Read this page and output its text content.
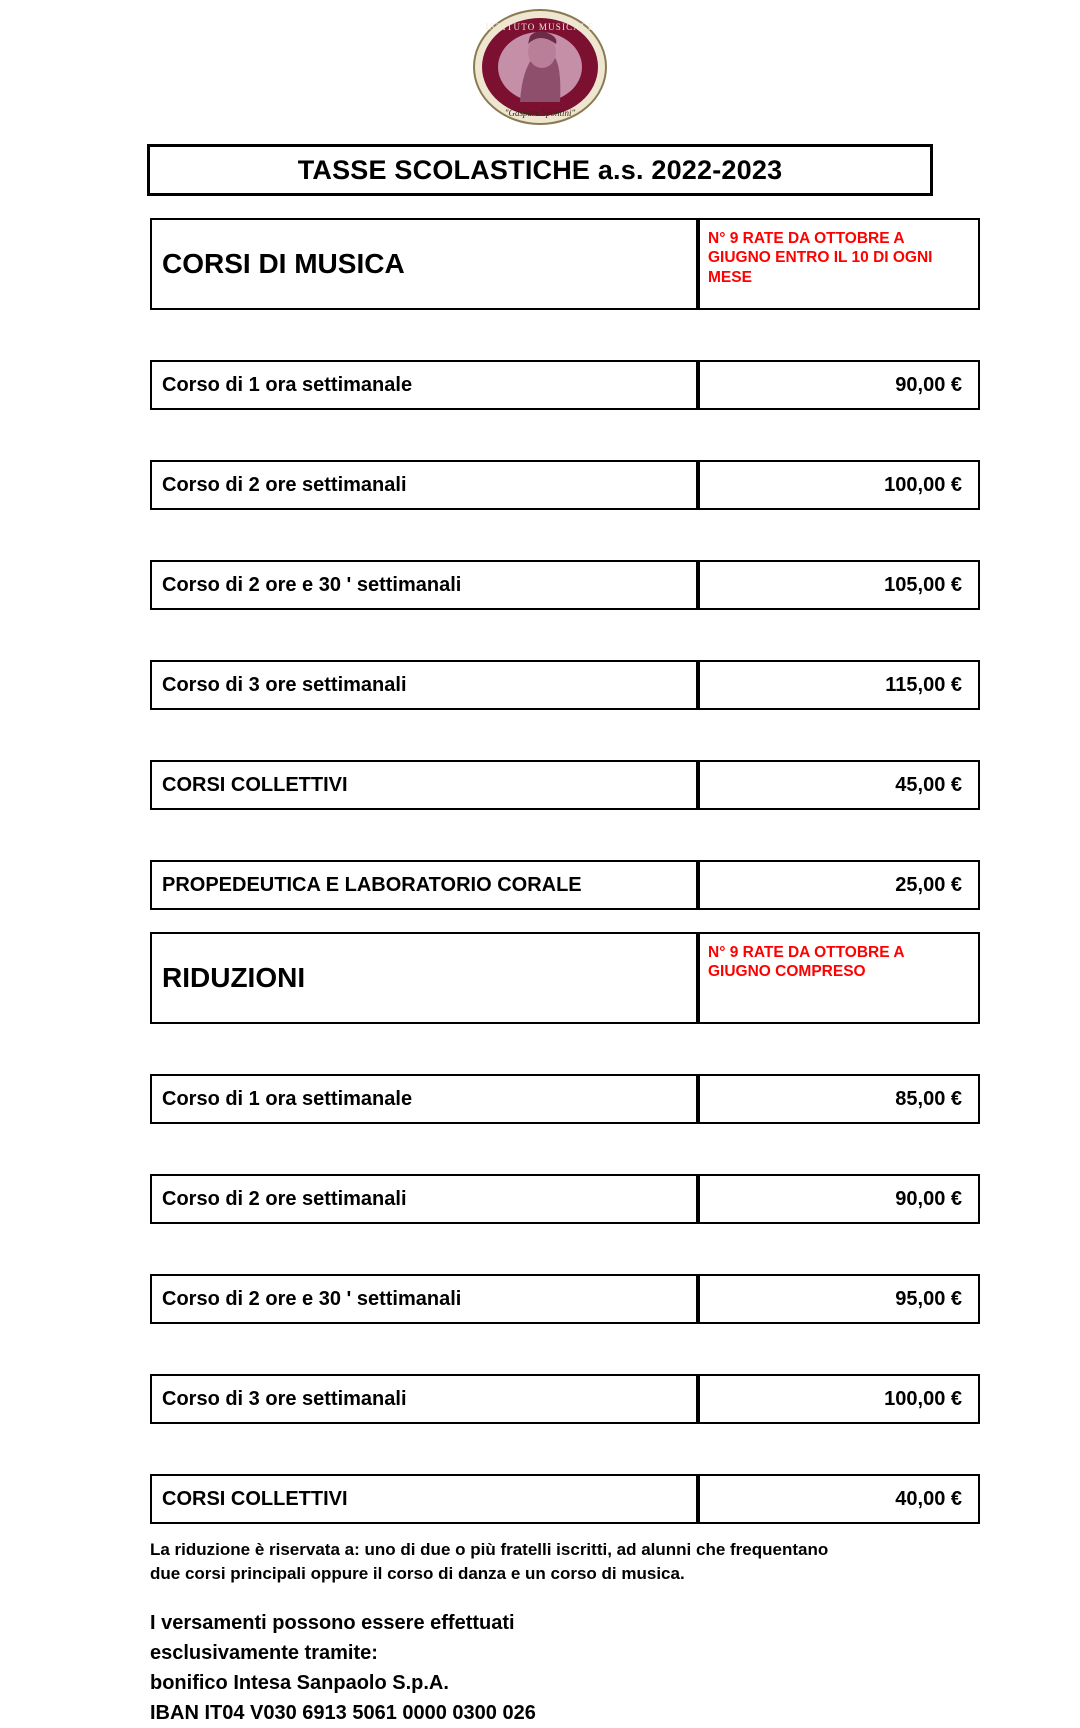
ISTITUTO MUSICALE
"Gaspare Spontini"
TASSE SCOLASTICHE a.s. 2022-2023
CORSI DI MUSICA	N° 9 RATE DA OTTOBRE A GIUGNO ENTRO IL 10 DI OGNI MESE

Corso di 1 ora settimanale	90,00 €

Corso di 2 ore settimanali	100,00 €

Corso di 2 ore e 30 ' settimanali	105,00 €

Corso di 3 ore settimanali	115,00 €

CORSI COLLETTIVI	45,00 €

PROPEDEUTICA E LABORATORIO CORALE	25,00 €
RIDUZIONI	N° 9 RATE DA OTTOBRE A GIUGNO COMPRESO

Corso di 1 ora settimanale	85,00 €

Corso di 2 ore settimanali	90,00 €

Corso di 2 ore e 30 ' settimanali	95,00 €

Corso di 3 ore settimanali	100,00 €

CORSI COLLETTIVI	40,00 €
La riduzione è riservata a: uno di due o più fratelli iscritti, ad alunni che frequentano
due corsi principali oppure il corso di danza e un corso di musica.
I versamenti possono essere effettuati
esclusivamente tramite:
bonifico Intesa Sanpaolo S.p.A.
IBAN IT04 V030 6913 5061 0000 0300 026
